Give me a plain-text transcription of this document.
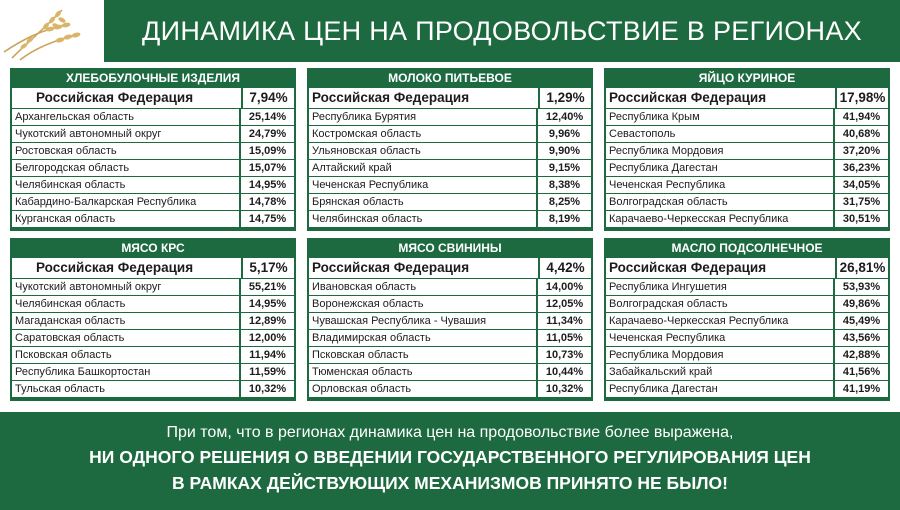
ДИНАМИКА ЦЕН НА ПРОДОВОЛЬСТВИЕ В РЕГИОНАХ
ХЛЕБОБУЛОЧНЫЕ ИЗДЕЛИЯ
Российская Федерация	7,94%
Архангельская область	25,14%
Чукотский автономный округ	24,79%
Ростовская область	15,09%
Белгородская область	15,07%
Челябинская область	14,95%
Кабардино-Балкарская Республика	14,78%
Курганская область	14,75%
МОЛОКО ПИТЬЕВОЕ
Российская Федерация	1,29%
Республика Бурятия	12,40%
Костромская область	9,96%
Ульяновская область	9,90%
Алтайский край	9,15%
Чеченская Республика	8,38%
Брянская область	8,25%
Челябинская область	8,19%
ЯЙЦО КУРИНОЕ
Российская Федерация	17,98%
Республика Крым	41,94%
Севастополь	40,68%
Республика Мордовия	37,20%
Республика Дагестан	36,23%
Чеченская Республика	34,05%
Волгоградская область	31,75%
Карачаево-Черкесская Республика	30,51%
МЯСО КРС
Российская Федерация	5,17%
Чукотский автономный округ	55,21%
Челябинская область	14,95%
Магаданская область	12,89%
Саратовская область	12,00%
Псковская область	11,94%
Республика Башкортостан	11,59%
Тульская область	10,32%
МЯСО СВИНИНЫ
Российская Федерация	4,42%
Ивановская область	14,00%
Воронежская область	12,05%
Чувашская Республика - Чувашия	11,34%
Владимирская область	11,05%
Псковская область	10,73%
Тюменская область	10,44%
Орловская область	10,32%
МАСЛО ПОДСОЛНЕЧНОЕ
Российская Федерация	26,81%
Республика Ингушетия	53,93%
Волгоградская область	49,86%
Карачаево-Черкесская Республика	45,49%
Чеченская Республика	43,56%
Республика Мордовия	42,88%
Забайкальский край	41,56%
Республика Дагестан	41,19%
При том, что в регионах динамика цен на продовольствие более выражена,
НИ ОДНОГО РЕШЕНИЯ О ВВЕДЕНИИ ГОСУДАРСТВЕННОГО РЕГУЛИРОВАНИЯ ЦЕН
В РАМКАХ ДЕЙСТВУЮЩИХ МЕХАНИЗМОВ ПРИНЯТО НЕ БЫЛО!
